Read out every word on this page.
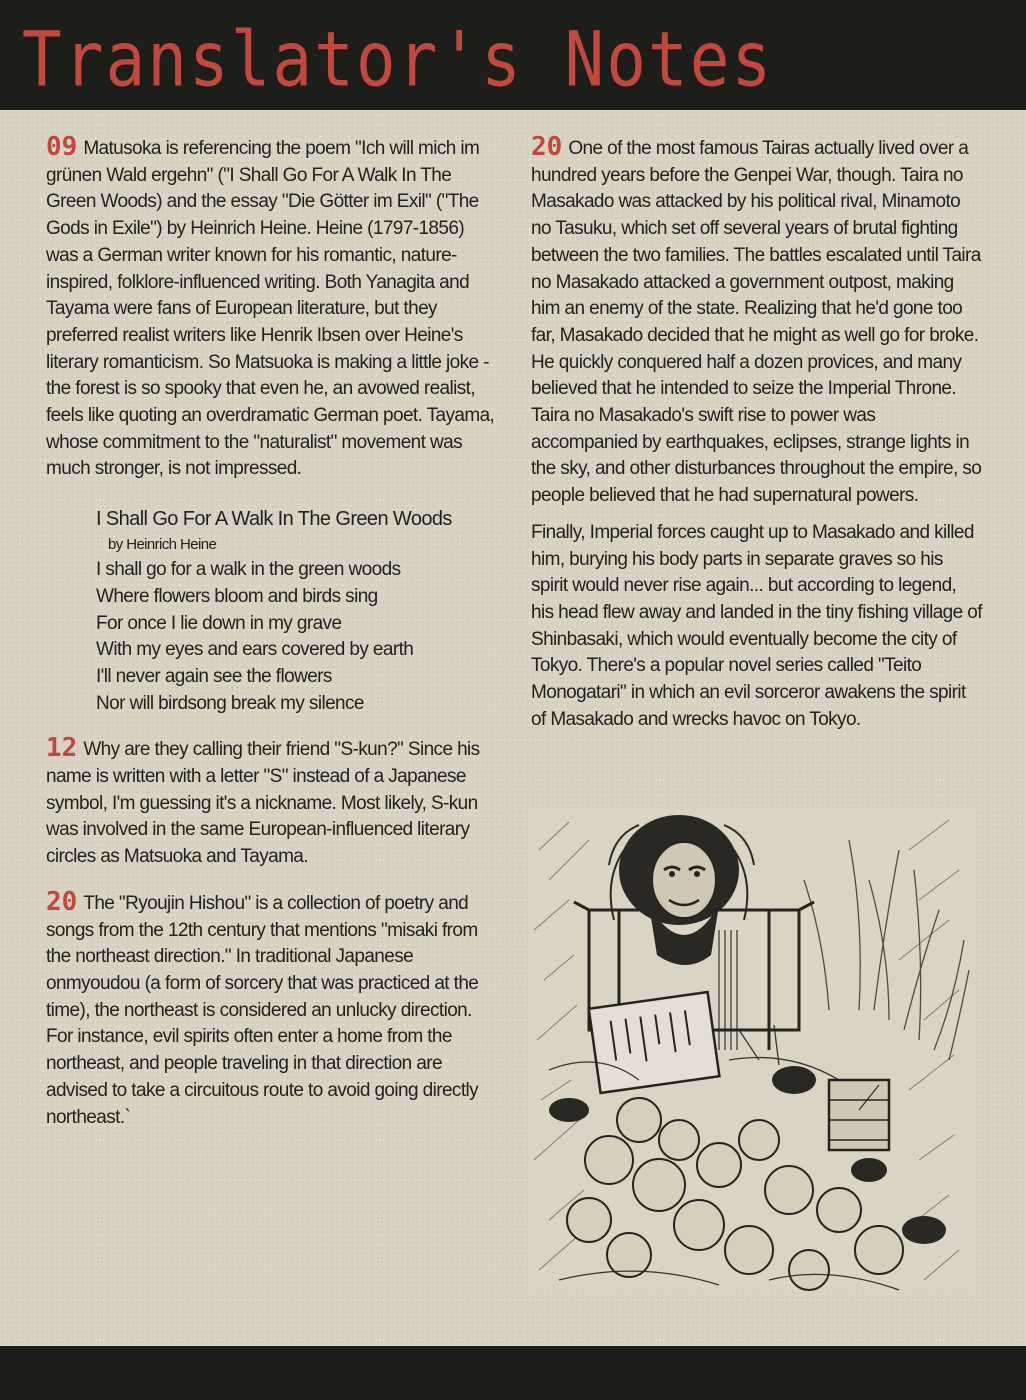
Translator's Notes

09 Matusoka is referencing the poem "Ich will mich im grünen Wald ergehn" ("I Shall Go For A Walk In The Green Woods) and the essay "Die Götter im Exil" ("The Gods in Exile") by Heinrich Heine. Heine (1797-1856) was a German writer known for his romantic, nature-inspired, folklore-influenced writing. Both Yanagita and Tayama were fans of European literature, but they preferred realist writers like Henrik Ibsen over Heine's literary romanticism. So Matsuoka is making a little joke - the forest is so spooky that even he, an avowed realist, feels like quoting an overdramatic German poet. Tayama, whose commitment to the "naturalist" movement was much stronger, is not impressed.

I Shall Go For A Walk In The Green Woods
by Heinrich Heine
I shall go for a walk in the green woods
Where flowers bloom and birds sing
For once I lie down in my grave
With my eyes and ears covered by earth
I'll never again see the flowers
Nor will birdsong break my silence

12 Why are they calling their friend "S-kun?" Since his name is written with a letter "S" instead of a Japanese symbol, I'm guessing it's a nickname. Most likely, S-kun was involved in the same European-influenced literary circles as Matsuoka and Tayama.

20 The "Ryoujin Hishou" is a collection of poetry and songs from the 12th century that mentions "misaki from the northeast direction." In traditional Japanese onmyoudou (a form of sorcery that was practiced at the time), the northeast is considered an unlucky direction. For instance, evil spirits often enter a home from the northeast, and people traveling in that direction are advised to take a circuitous route to avoid going directly northeast.`

20 One of the most famous Tairas actually lived over a hundred years before the Genpei War, though. Taira no Masakado was attacked by his political rival, Minamoto no Tasuku, which set off several years of brutal fighting between the two families. The battles escalated until Taira no Masakado attacked a government outpost, making him an enemy of the state. Realizing that he'd gone too far, Masakado decided that he might as well go for broke. He quickly conquered half a dozen provices, and many believed that he intended to seize the Imperial Throne. Taira no Masakado's swift rise to power was accompanied by earthquakes, eclipses, strange lights in the sky, and other disturbances throughout the empire, so people believed that he had supernatural powers.

Finally, Imperial forces caught up to Masakado and killed him, burying his body parts in separate graves so his spirit would never rise again... but according to legend, his head flew away and landed in the tiny fishing village of Shinbasaki, which would eventually become the city of Tokyo. There's a popular novel series called "Teito Monogatari" in which an evil sorceror awakens the spirit of Masakado and wrecks havoc on Tokyo.
